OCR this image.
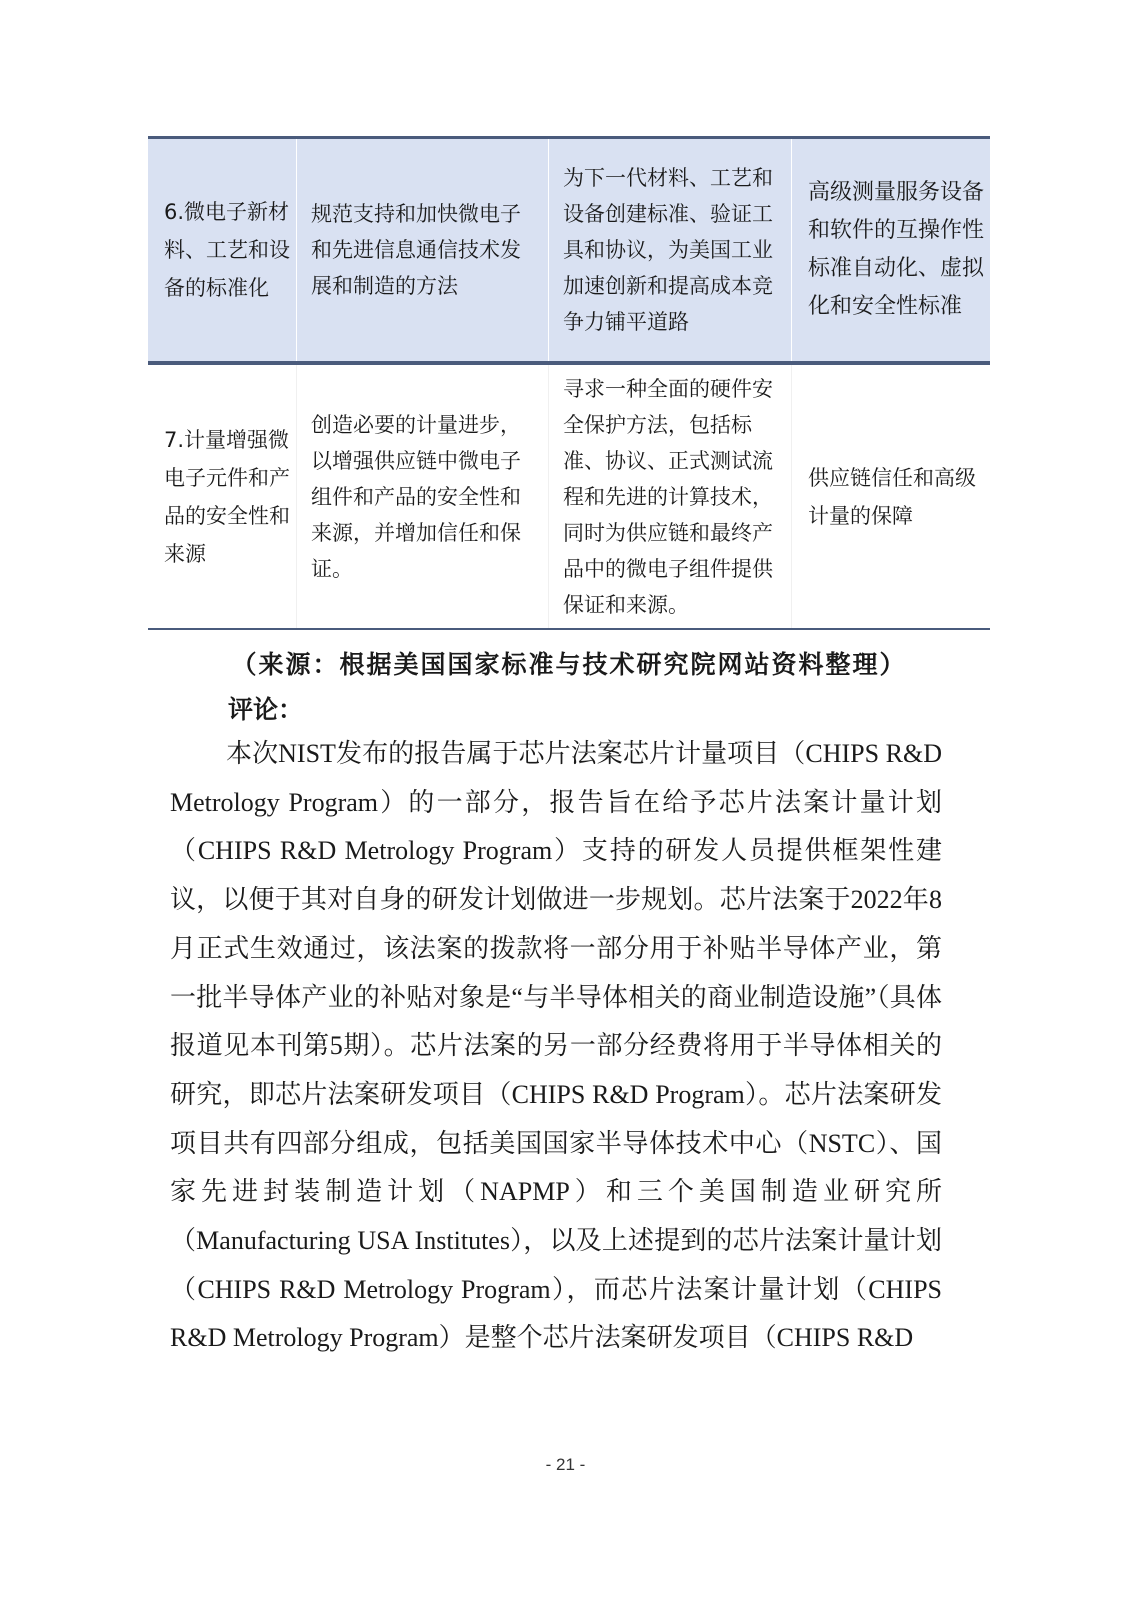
6.微电子新材料、工艺和设备的标准化
规范支持和加快微电子和先进信息通信技术发展和制造的方法
为下一代材料、工艺和设备创建标准、验证工具和协议，为美国工业加速创新和提高成本竞争力铺平道路
高级测量服务设备和软件的互操作性标准自动化、虚拟化和安全性标准
7.计量增强微电子元件和产品的安全性和来源
创造必要的计量进步，以增强供应链中微电子组件和产品的安全性和来源，并增加信任和保证。
寻求一种全面的硬件安全保护方法，包括标准、协议、正式测试流程和先进的计算技术，同时为供应链和最终产品中的微电子组件提供保证和来源。
供应链信任和高级计量的保障
（来源：根据美国国家标准与技术研究院网站资料整理）
评论：

本次NIST发布的报告属于芯片法案芯片计量项目（CHIPS R&D Metrology Program）的一部分，报告旨在给予芯片法案计量计划（CHIPS R&D Metrology Program）支持的研发人员提供框架性建议，以便于其对自身的研发计划做进一步规划。芯片法案于2022年8月正式生效通过，该法案的拨款将一部分用于补贴半导体产业，第一批半导体产业的补贴对象是“与半导体相关的商业制造设施”（具体报道见本刊第5期）。芯片法案的另一部分经费将用于半导体相关的研究，即芯片法案研发项目（CHIPS R&D Program）。芯片法案研发项目共有四部分组成，包括美国国家半导体技术中心（NSTC）、国家先进封装制造计划（NAPMP）和三个美国制造业研究所（Manufacturing USA Institutes），以及上述提到的芯片法案计量计划（CHIPS R&D Metrology Program），而芯片法案计量计划（CHIPS R&D Metrology Program）是整个芯片法案研发项目（CHIPS R&D

- 21 -
